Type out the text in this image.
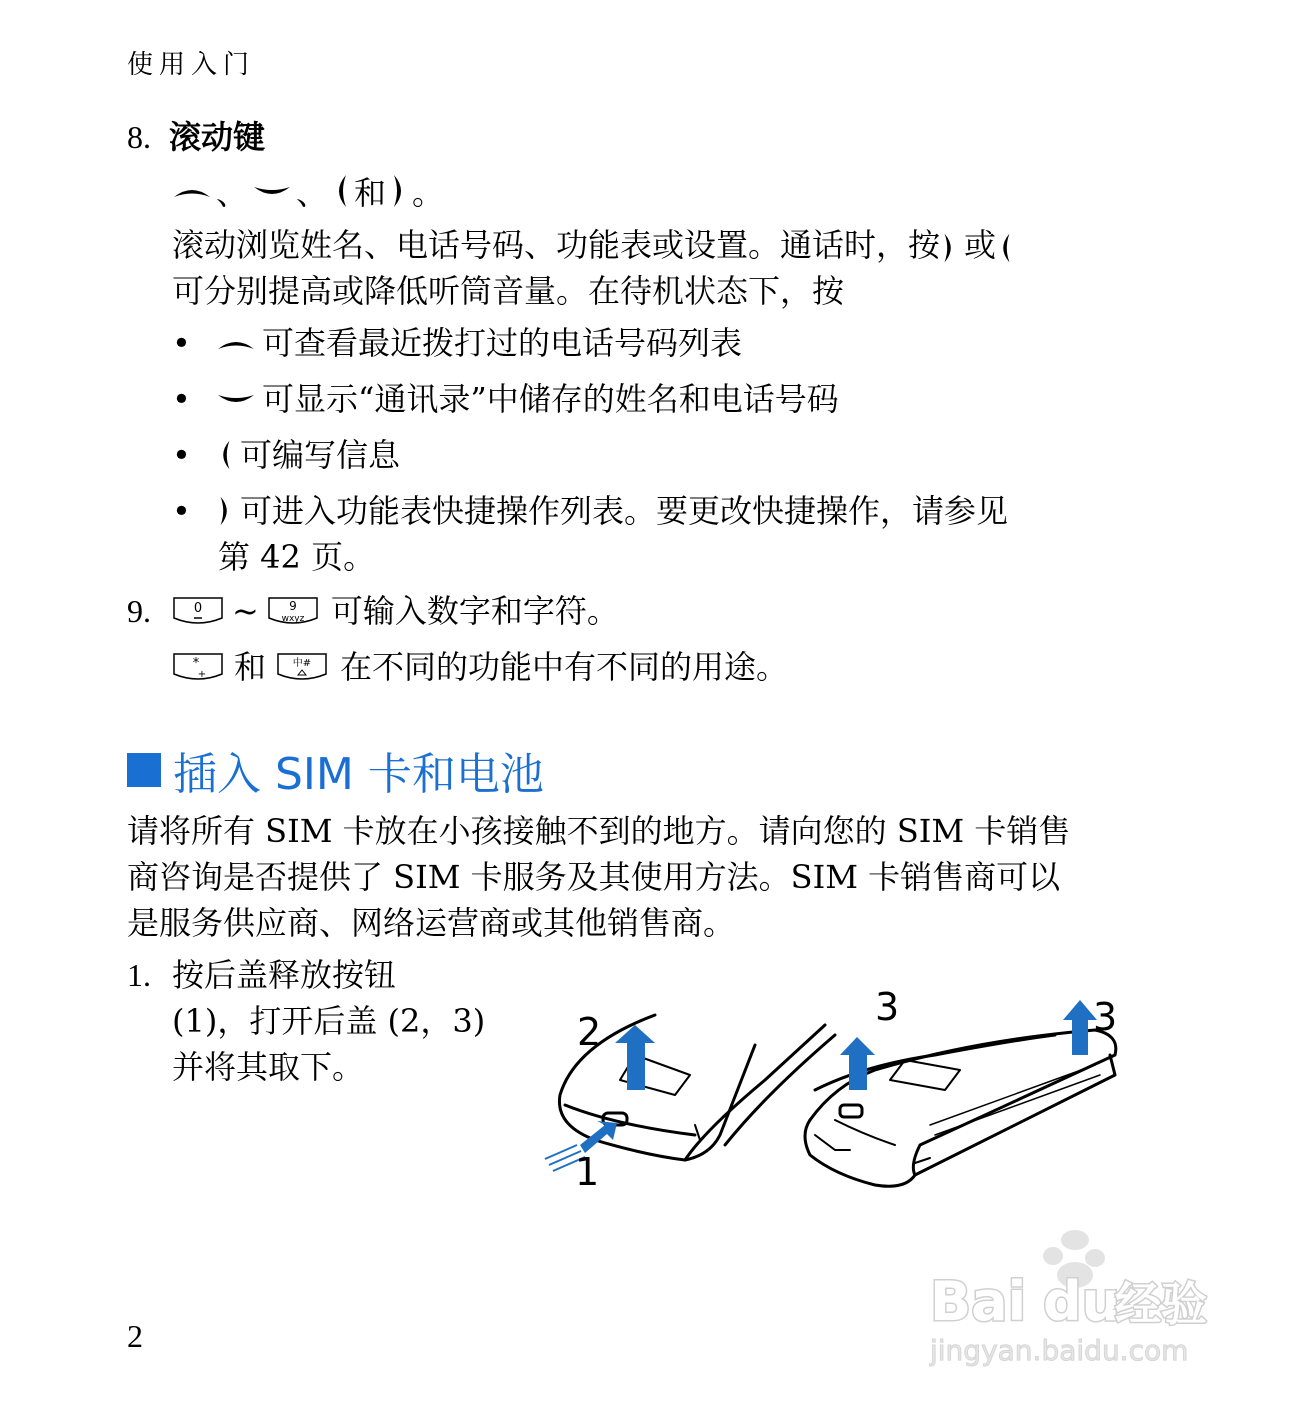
使用入门
8. 滚动键
、 、 和 。
滚动浏览姓名、电话号码、功能表或设置。通话时，按 或
可分别提高或降低听筒音量。在待机状态下，按
•	可查看最近拨打过的电话号码列表
•	可显示“通讯录”中储存的姓名和电话号码
•	可编写信息
•	可进入功能表快捷操作列表。要更改快捷操作，请参见
第 42 页。
9.	0 ~	9
wxyz 可输入数字和字符。
*
+ 和	中# 在不同的功能中有不同的用途。
插入 SIM 卡和电池
请将所有 SIM 卡放在小孩接触不到的地方。请向您的 SIM 卡销售
商咨询是否提供了 SIM 卡服务及其使用方法。SIM 卡销售商可以
是服务供应商、网络运营商或其他销售商。
1. 按后盖释放按钮
(1)，打开后盖 (2，3)
并将其取下。
1
2
3	3
2
Bai du
经验
jingyan.baidu.com
